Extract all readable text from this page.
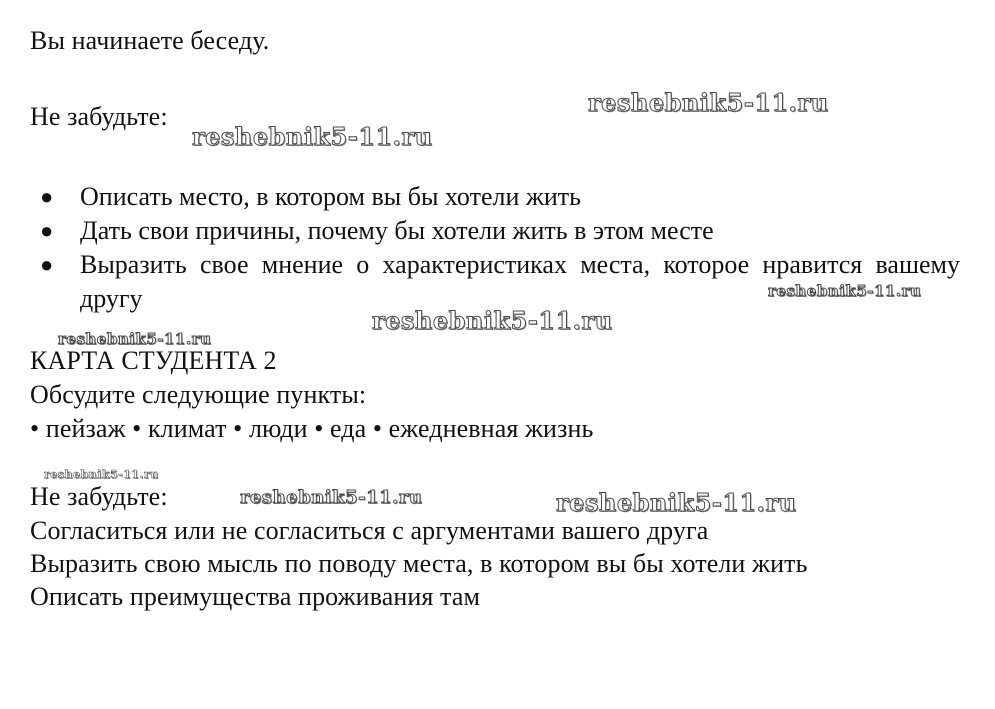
Вы начинаете беседу.
Не забудьте:
● Описать место, в котором вы бы хотели жить
● Дать свои причины, почему бы хотели жить в этом месте
● Выразить свое мнение о характеристиках места, которое нравится вашему другу
КАРТА СТУДЕНТА 2
Обсудите следующие пункты:
• пейзаж • климат • люди • еда • ежедневная жизнь
Не забудьте:
Согласиться или не согласиться с аргументами вашего друга
Выразить свою мысль по поводу места, в котором вы бы хотели жить
Описать преимущества проживания там
reshebnik5-11.ru
reshebnik5-11.ru
reshebnik5-11.ru
reshebnik5-11.ru
reshebnik5-11.ru
reshebnik5-11.ru
reshebnik5-11.ru	reshebnik5-11.ru
